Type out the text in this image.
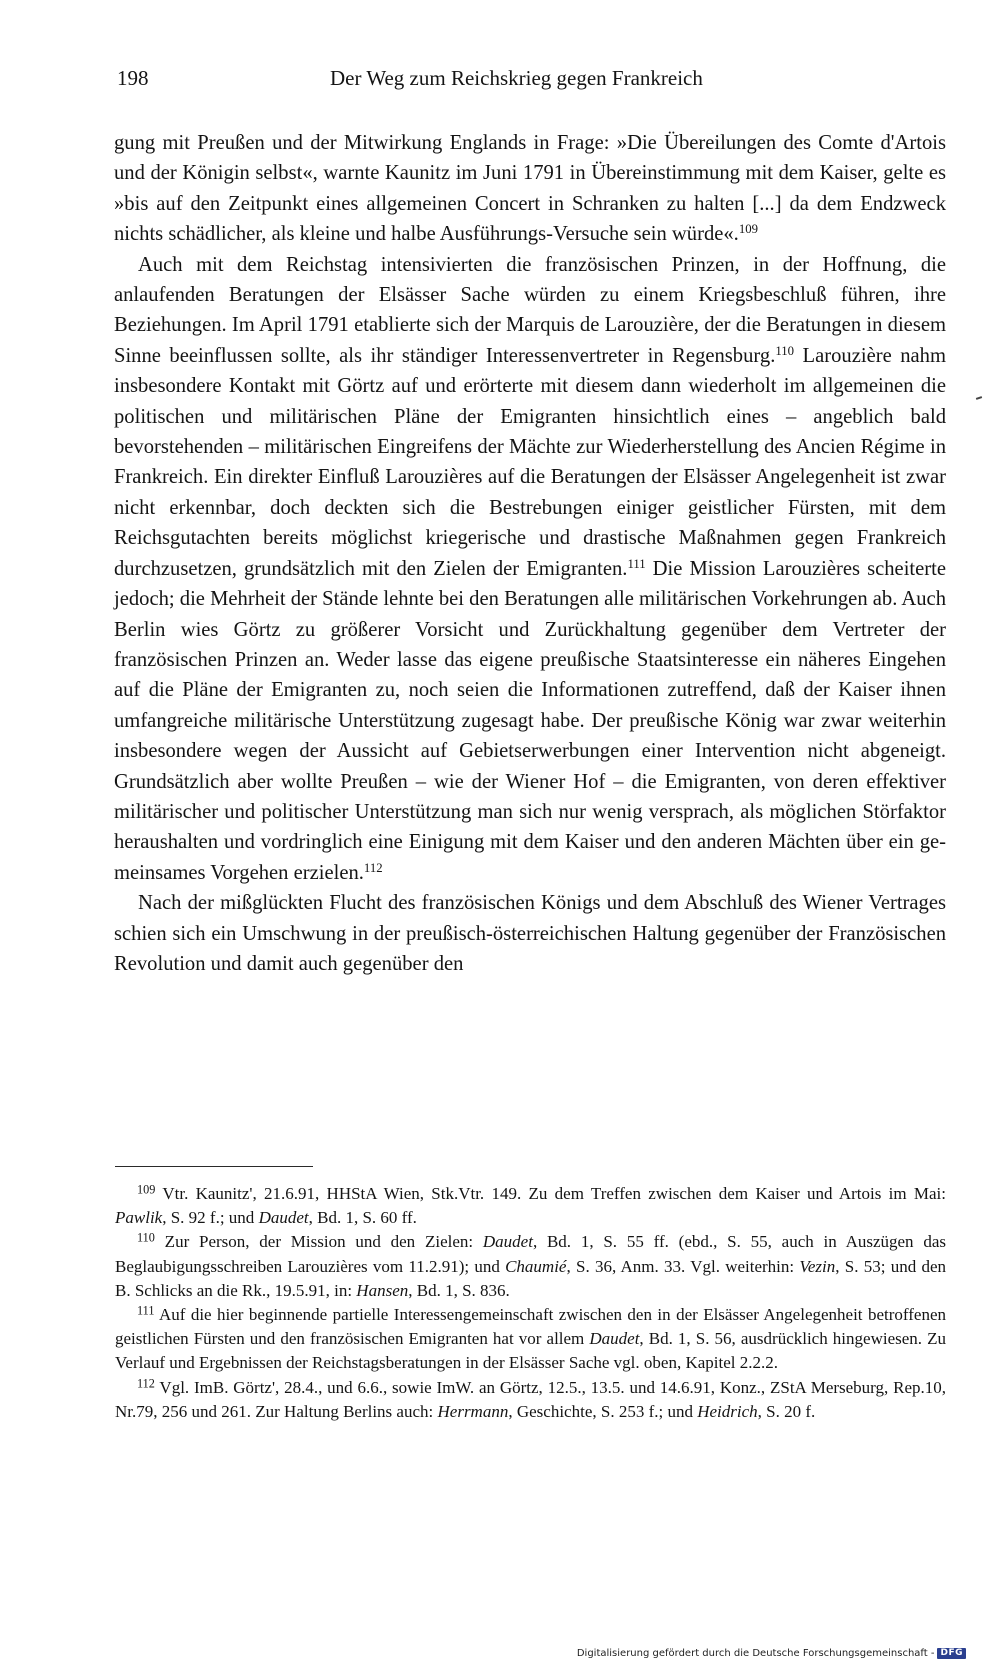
198	Der Weg zum Reichskrieg gegen Frankreich

gung mit Preußen und der Mitwirkung Englands in Frage: »Die Übereilungen des Comte d'Artois und der Königin selbst«, warnte Kaunitz im Juni 1791 in Übereinstimmung mit dem Kaiser, gelte es »bis auf den Zeitpunkt eines allgemeinen Concert in Schranken zu halten [...] da dem Endzweck nichts schädlicher, als kleine und halbe Ausführungs-Versuche sein würde«.$^{109}$

Auch mit dem Reichstag intensivierten die französischen Prinzen, in der Hoffnung, die anlaufenden Beratungen der Elsässer Sache würden zu einem Kriegsbeschluß führen, ihre Beziehungen. Im April 1791 etablierte sich der Marquis de Larouzière, der die Beratungen in diesem Sinne beeinflussen sollte, als ihr ständiger Interessenvertreter in Regensburg.$^{110}$ Larouzière nahm insbesondere Kontakt mit Görtz auf und erörterte mit diesem dann wiederholt im allgemeinen die politischen und militärischen Pläne der Emigranten hinsichtlich eines – angeblich bald bevorstehenden – militärischen Eingreifens der Mächte zur Wiederherstellung des Ancien Régime in Frankreich. Ein direkter Einfluß Larouzières auf die Beratungen der Elsässer Angelegenheit ist zwar nicht erkennbar, doch deckten sich die Bestrebungen einiger geistlicher Fürsten, mit dem Reichsgutachten bereits möglichst kriegerische und drastische Maßnahmen gegen Frankreich durchzusetzen, grundsätzlich mit den Zielen der Emigranten.$^{111}$ Die Mission Larouzières scheiterte jedoch; die Mehrheit der Stände lehnte bei den Beratungen alle militärischen Vorkehrungen ab. Auch Berlin wies Görtz zu größerer Vorsicht und Zurückhaltung gegenüber dem Vertreter der französischen Prinzen an. Weder lasse das eigene preußische Staatsinteresse ein näheres Eingehen auf die Pläne der Emigranten zu, noch seien die Informationen zutreffend, daß der Kaiser ihnen umfangreiche militärische Unterstützung zugesagt habe. Der preußische König war zwar weiterhin insbesondere wegen der Aussicht auf Gebietserwerbungen einer Intervention nicht abgeneigt. Grundsätzlich aber wollte Preußen – wie der Wiener Hof – die Emigranten, von deren effektiver militärischer und politischer Unterstützung man sich nur wenig versprach, als möglichen Störfaktor heraushalten und vordringlich eine Einigung mit dem Kaiser und den anderen Mächten über ein gemeinsames Vorgehen erzielen.$^{112}$

Nach der mißglückten Flucht des französischen Königs und dem Abschluß des Wiener Vertrages schien sich ein Umschwung in der preußisch-österreichischen Haltung gegenüber der Französischen Revolution und damit auch gegenüber den

$^{109}$ Vtr. Kaunitz', 21.6.91, HHStA Wien, Stk.Vtr. 149. Zu dem Treffen zwischen dem Kaiser und Artois im Mai: Pawlik, S. 92 f.; und Daudet, Bd. 1, S. 60 ff.

$^{110}$ Zur Person, der Mission und den Zielen: Daudet, Bd. 1, S. 55 ff. (ebd., S. 55, auch in Auszügen das Beglaubigungsschreiben Larouzières vom 11.2.91); und Chaumié, S. 36, Anm. 33. Vgl. weiterhin: Vezin, S. 53; und den B. Schlicks an die Rk., 19.5.91, in: Hansen, Bd. 1, S. 836.

$^{111}$ Auf die hier beginnende partielle Interessengemeinschaft zwischen den in der Elsässer Angelegenheit betroffenen geistlichen Fürsten und den französischen Emigranten hat vor allem Daudet, Bd. 1, S. 56, ausdrücklich hingewiesen. Zu Verlauf und Ergebnissen der Reichstagsberatungen in der Elsässer Sache vgl. oben, Kapitel 2.2.2.

$^{112}$ Vgl. ImB. Görtz', 28.4., und 6.6., sowie ImW. an Görtz, 12.5., 13.5. und 14.6.91, Konz., ZStA Merseburg, Rep.10, Nr.79, 256 und 261. Zur Haltung Berlins auch: Herrmann, Geschichte, S. 253 f.; und Heidrich, S. 20 f.

Digitalisierung gefördert durch die Deutsche Forschungsgemeinschaft - DFG
